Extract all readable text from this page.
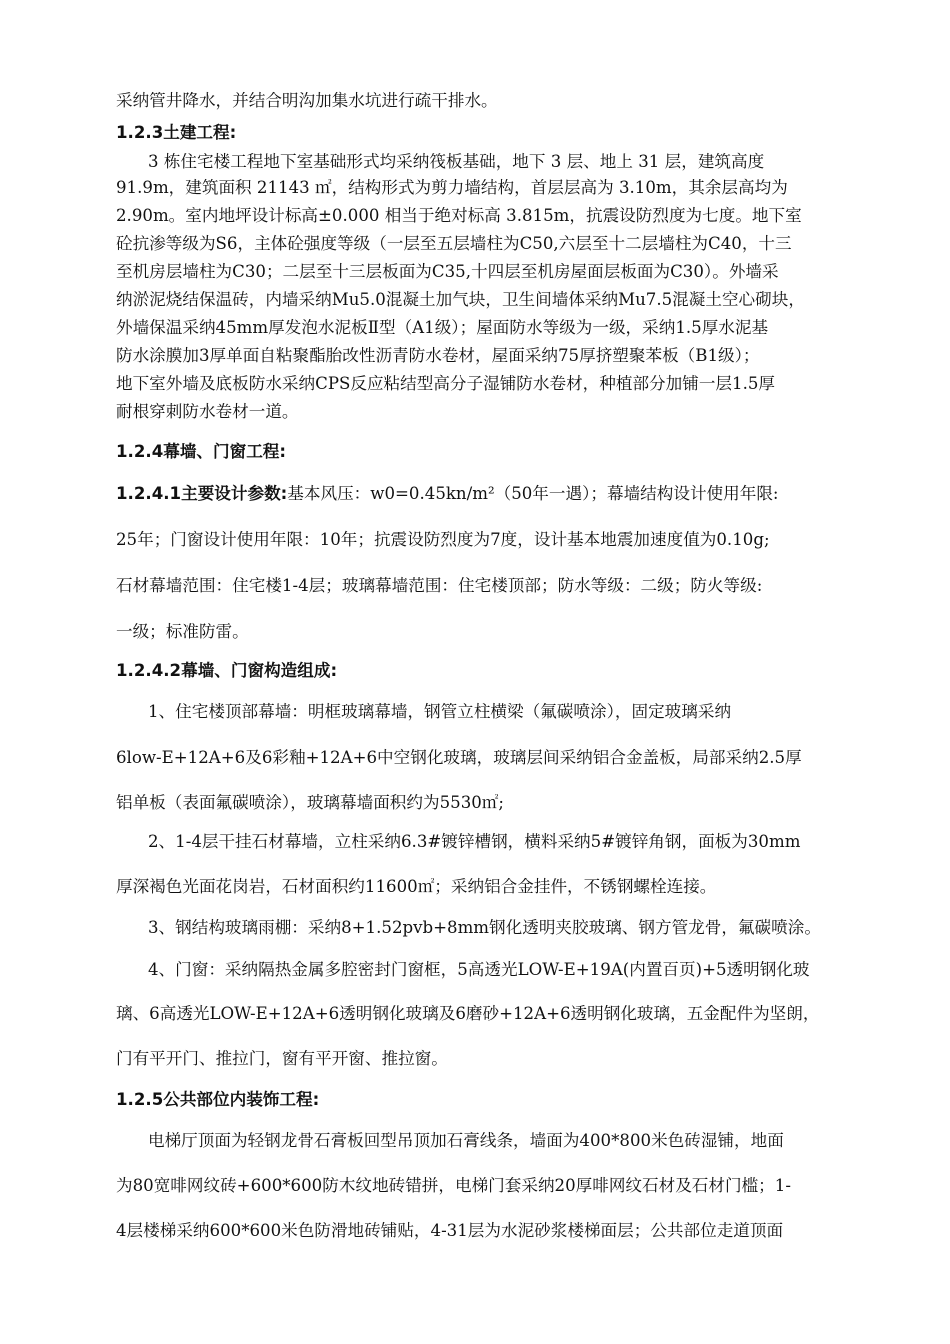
采纳管井降水，并结合明沟加集水坑进行疏干排水。
1.2.3土建工程:
3 栋住宅楼工程地下室基础形式均采纳筏板基础，地下 3 层、地上 31 层，建筑高度
91.9m，建筑面积 21143 ㎡，结构形式为剪力墙结构，首层层高为 3.10m，其余层高均为
2.90m。室内地坪设计标高±0.000 相当于绝对标高 3.815m，抗震设防烈度为七度。地下室
砼抗渗等级为S6，主体砼强度等级（一层至五层墙柱为C50,六层至十二层墙柱为C40，十三
至机房层墙柱为C30；二层至十三层板面为C35,十四层至机房屋面层板面为C30）。外墙采
纳淤泥烧结保温砖，内墙采纳Mu5.0混凝土加气块，卫生间墙体采纳Mu7.5混凝土空心砌块，
外墙保温采纳45mm厚发泡水泥板Ⅱ型（A1级）；屋面防水等级为一级，采纳1.5厚水泥基
防水涂膜加3厚单面自粘聚酯胎改性沥青防水卷材，屋面采纳75厚挤塑聚苯板（B1级）；
地下室外墙及底板防水采纳CPS反应粘结型高分子湿铺防水卷材，种植部分加铺一层1.5厚
耐根穿刺防水卷材一道。
1.2.4幕墙、门窗工程:
1.2.4.1主要设计参数:基本风压：w0=0.45kn/m²（50年一遇）；幕墙结构设计使用年限:
25年；门窗设计使用年限：10年；抗震设防烈度为7度，设计基本地震加速度值为0.10g;
石材幕墙范围：住宅楼1-4层；玻璃幕墙范围：住宅楼顶部；防水等级：二级；防火等级:
一级；标准防雷。
1.2.4.2幕墙、门窗构造组成:
1、住宅楼顶部幕墙：明框玻璃幕墙，钢管立柱横梁（氟碳喷涂），固定玻璃采纳
6low-E+12A+6及6彩釉+12A+6中空钢化玻璃，玻璃层间采纳铝合金盖板，局部采纳2.5厚
铝单板（表面氟碳喷涂），玻璃幕墙面积约为5530㎡;
2、1-4层干挂石材幕墙，立柱采纳6.3#镀锌槽钢，横料采纳5#镀锌角钢，面板为30mm
厚深褐色光面花岗岩，石材面积约11600㎡；采纳铝合金挂件，不锈钢螺栓连接。
3、钢结构玻璃雨棚：采纳8+1.52pvb+8mm钢化透明夹胶玻璃、钢方管龙骨，氟碳喷涂。
4、门窗：采纳隔热金属多腔密封门窗框，5高透光LOW-E+19A(内置百页)+5透明钢化玻
璃、6高透光LOW-E+12A+6透明钢化玻璃及6磨砂+12A+6透明钢化玻璃，五金配件为坚朗，
门有平开门、推拉门，窗有平开窗、推拉窗。
1.2.5公共部位内装饰工程:
电梯厅顶面为轻钢龙骨石膏板回型吊顶加石膏线条，墙面为400*800米色砖湿铺，地面
为80宽啡网纹砖+600*600防木纹地砖错拼，电梯门套采纳20厚啡网纹石材及石材门槛；1-
4层楼梯采纳600*600米色防滑地砖铺贴，4-31层为水泥砂浆楼梯面层；公共部位走道顶面
